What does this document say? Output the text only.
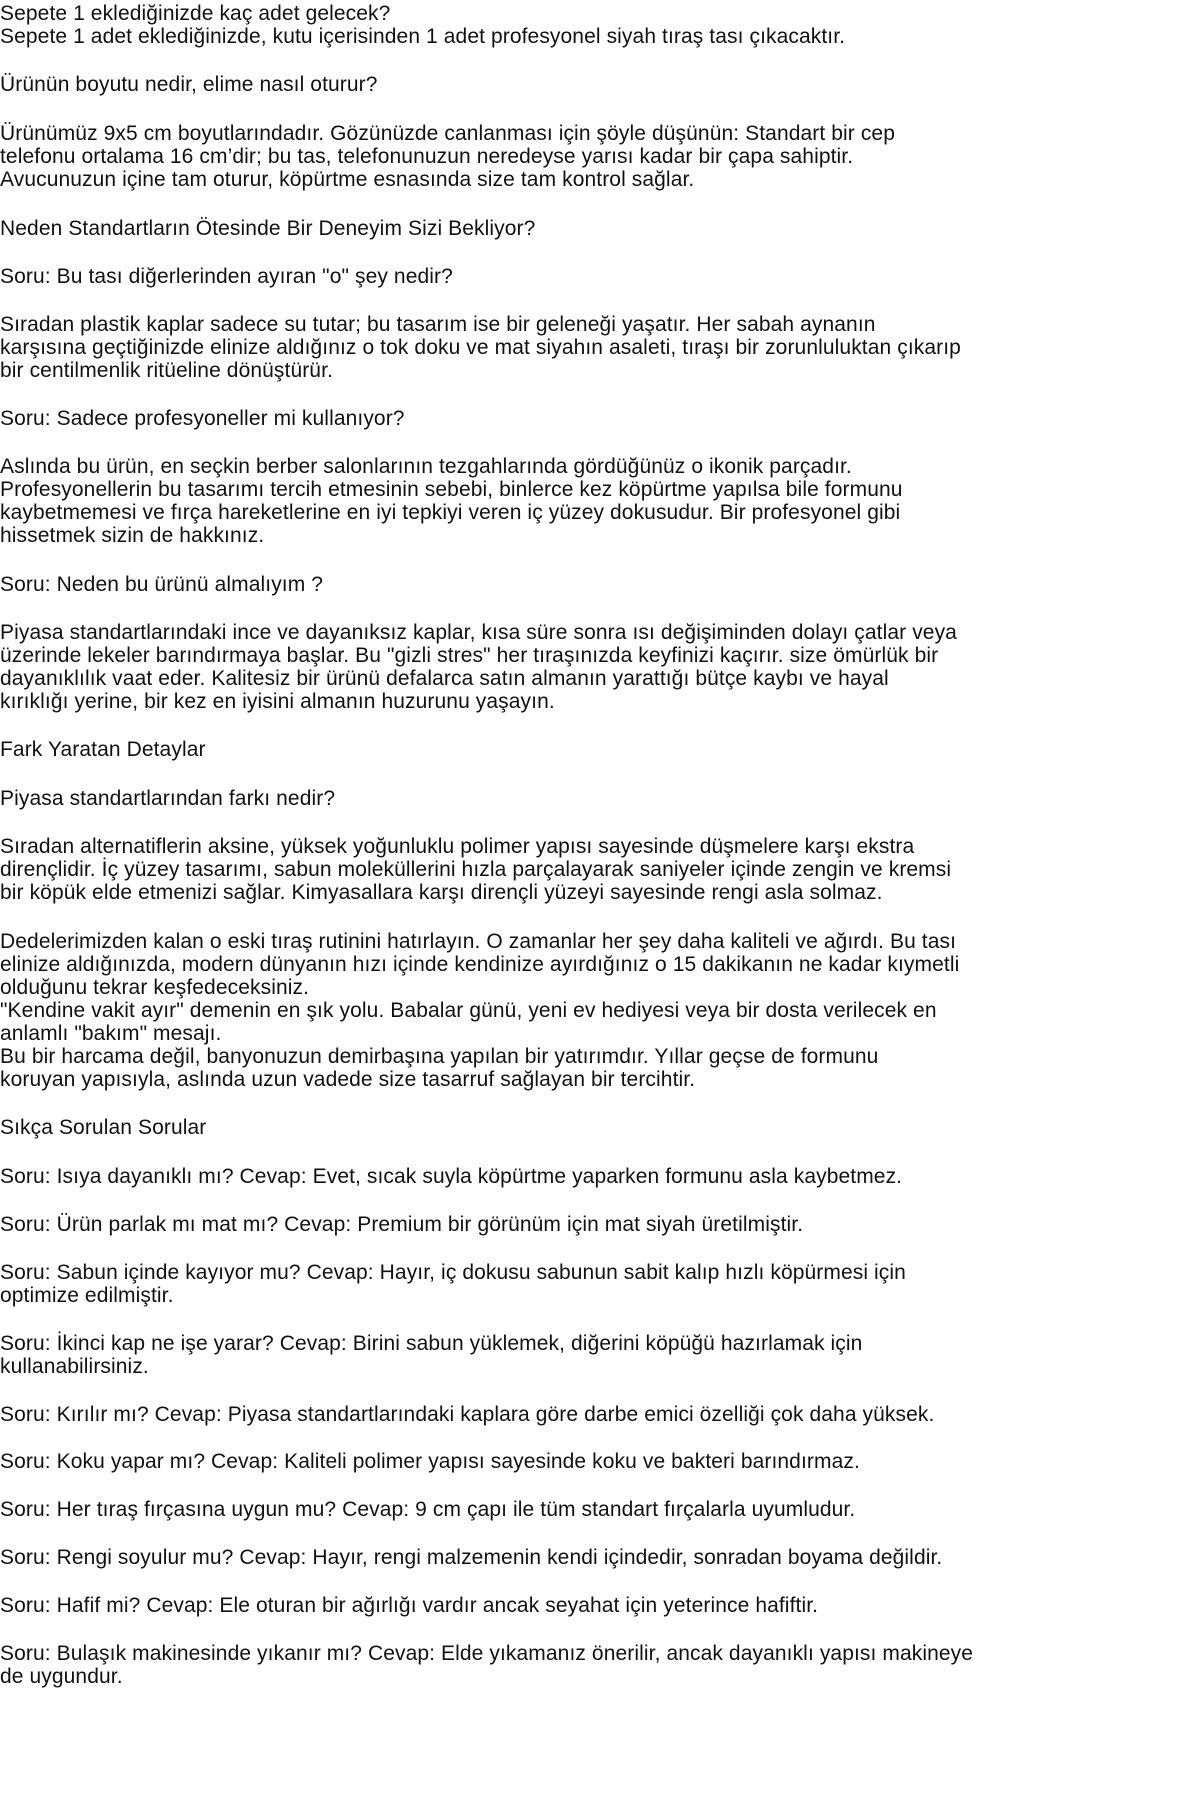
Sepete 1 eklediğinizde kaç adet gelecek?
Sepete 1 adet eklediğinizde, kutu içerisinden 1 adet profesyonel siyah tıraş tası çıkacaktır.
Ürünün boyutu nedir, elime nasıl oturur?
Ürünümüz 9x5 cm boyutlarındadır. Gözünüzde canlanması için şöyle düşünün: Standart bir cep
telefonu ortalama 16 cm’dir; bu tas, telefonunuzun neredeyse yarısı kadar bir çapa sahiptir.
Avucunuzun içine tam oturur, köpürtme esnasında size tam kontrol sağlar.
Neden Standartların Ötesinde Bir Deneyim Sizi Bekliyor?
Soru: Bu tası diğerlerinden ayıran "o" şey nedir?
Sıradan plastik kaplar sadece su tutar; bu tasarım ise bir geleneği yaşatır. Her sabah aynanın
karşısına geçtiğinizde elinize aldığınız o tok doku ve mat siyahın asaleti, tıraşı bir zorunluluktan çıkarıp
bir centilmenlik ritüeline dönüştürür.
Soru: Sadece profesyoneller mi kullanıyor?
Aslında bu ürün, en seçkin berber salonlarının tezgahlarında gördüğünüz o ikonik parçadır.
Profesyonellerin bu tasarımı tercih etmesinin sebebi, binlerce kez köpürtme yapılsa bile formunu
kaybetmemesi ve fırça hareketlerine en iyi tepkiyi veren iç yüzey dokusudur. Bir profesyonel gibi
hissetmek sizin de hakkınız.
Soru: Neden bu ürünü almalıyım ?
Piyasa standartlarındaki ince ve dayanıksız kaplar, kısa süre sonra ısı değişiminden dolayı çatlar veya
üzerinde lekeler barındırmaya başlar. Bu "gizli stres" her tıraşınızda keyfinizi kaçırır. size ömürlük bir
dayanıklılık vaat eder. Kalitesiz bir ürünü defalarca satın almanın yarattığı bütçe kaybı ve hayal
kırıklığı yerine, bir kez en iyisini almanın huzurunu yaşayın.
Fark Yaratan Detaylar
Piyasa standartlarından farkı nedir?
Sıradan alternatiflerin aksine, yüksek yoğunluklu polimer yapısı sayesinde düşmelere karşı ekstra
dirençlidir. İç yüzey tasarımı, sabun moleküllerini hızla parçalayarak saniyeler içinde zengin ve kremsi
bir köpük elde etmenizi sağlar. Kimyasallara karşı dirençli yüzeyi sayesinde rengi asla solmaz.
Dedelerimizden kalan o eski tıraş rutinini hatırlayın. O zamanlar her şey daha kaliteli ve ağırdı. Bu tası
elinize aldığınızda, modern dünyanın hızı içinde kendinize ayırdığınız o 15 dakikanın ne kadar kıymetli
olduğunu tekrar keşfedeceksiniz.
"Kendine vakit ayır" demenin en şık yolu. Babalar günü, yeni ev hediyesi veya bir dosta verilecek en
anlamlı "bakım" mesajı.
Bu bir harcama değil, banyonuzun demirbaşına yapılan bir yatırımdır. Yıllar geçse de formunu
koruyan yapısıyla, aslında uzun vadede size tasarruf sağlayan bir tercihtir.
Sıkça Sorulan Sorular
Soru: Isıya dayanıklı mı? Cevap: Evet, sıcak suyla köpürtme yaparken formunu asla kaybetmez.
Soru: Ürün parlak mı mat mı? Cevap: Premium bir görünüm için mat siyah üretilmiştir.
Soru: Sabun içinde kayıyor mu? Cevap: Hayır, iç dokusu sabunun sabit kalıp hızlı köpürmesi için
optimize edilmiştir.
Soru: İkinci kap ne işe yarar? Cevap: Birini sabun yüklemek, diğerini köpüğü hazırlamak için
kullanabilirsiniz.
Soru: Kırılır mı? Cevap: Piyasa standartlarındaki kaplara göre darbe emici özelliği çok daha yüksek.
Soru: Koku yapar mı? Cevap: Kaliteli polimer yapısı sayesinde koku ve bakteri barındırmaz.
Soru: Her tıraş fırçasına uygun mu? Cevap: 9 cm çapı ile tüm standart fırçalarla uyumludur.
Soru: Rengi soyulur mu? Cevap: Hayır, rengi malzemenin kendi içindedir, sonradan boyama değildir.
Soru: Hafif mi? Cevap: Ele oturan bir ağırlığı vardır ancak seyahat için yeterince hafiftir.
Soru: Bulaşık makinesinde yıkanır mı? Cevap: Elde yıkamanız önerilir, ancak dayanıklı yapısı makineye
de uygundur.
